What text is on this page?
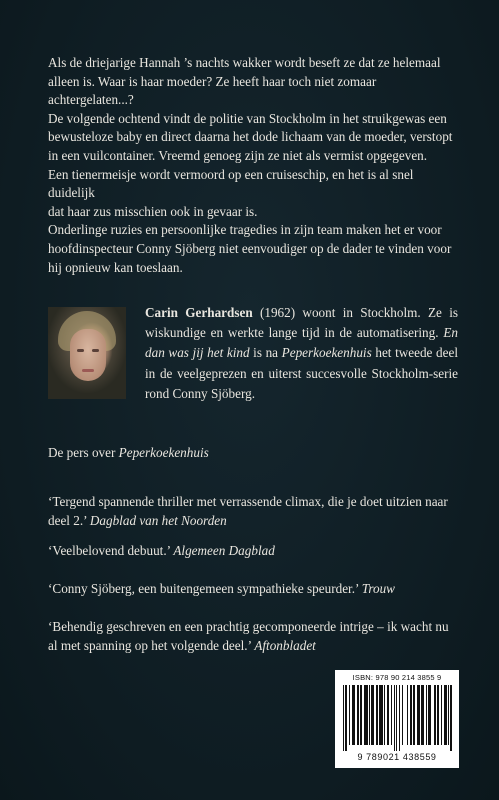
Als de driejarige Hannah ’s nachts wakker wordt beseft ze dat ze helemaal

alleen is. Waar is haar moeder? Ze heeft haar toch niet zomaar achtergelaten...?

De volgende ochtend vindt de politie van Stockholm in het struikgewas een

bewusteloze baby en direct daarna het dode lichaam van de moeder, verstopt

in een vuilcontainer. Vreemd genoeg zijn ze niet als vermist opgegeven.

Een tienermeisje wordt vermoord op een cruiseschip, en het is al snel duidelijk

dat haar zus misschien ook in gevaar is.

Onderlinge ruzies en persoonlijke tragedies in zijn team maken het er voor

hoofdinspecteur Conny Sjöberg niet eenvoudiger op de dader te vinden voor

hij opnieuw kan toeslaan.

Carin Gerhardsen (1962) woont in Stockholm. Ze is wiskundige en werkte lange tijd in de automatisering. En dan was jij het kind is na Peperkoekenhuis het tweede deel in de veelgeprezen en uiterst succesvolle Stockholm-serie rond Conny Sjöberg.

De pers over Peperkoekenhuis

‘Tergend spannende thriller met verrassende climax, die je doet uitzien naar deel 2.’ Dagblad van het Noorden

‘Veelbelovend debuut.’ Algemeen Dagblad

‘Conny Sjöberg, een buitengemeen sympathieke speurder.’ Trouw

‘Behendig geschreven en een prachtig gecomponeerde intrige – ik wacht nu al met spanning op het volgende deel.’ Aftonbladet

ISBN: 978 90 214 3855 9
9 789021 438559
